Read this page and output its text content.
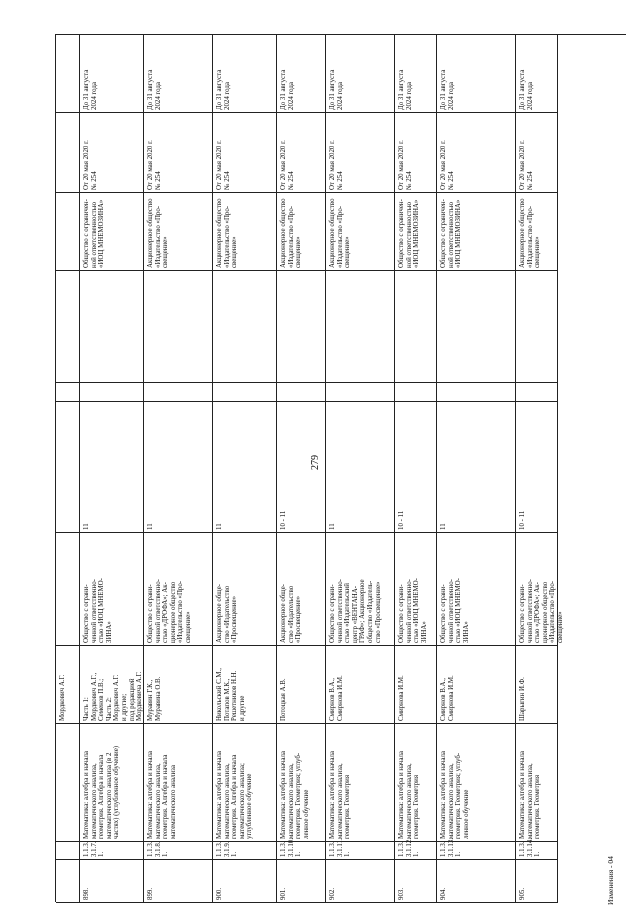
279
Мордкович А.Г.
898.
1.1.3.
3.1.7.
1.
Математика: алгебра и начала
математического анализа,
геометрия. Алгебра и начала
математического анализа (в 2
частях) (углубленное обучение)
Часть 1:
Мордкович А.Г.,
Семенов П.В.;
Часть 2:
Мордкович А.Г.
и другие;
под редакцией
Мордковича А.Г.
Общество с ограни-
ченной ответственно-
стью «ИОЦ МНЕМО-
ЗИНА»
11
Общество с ограничен-
ной ответственностью
«ИОЦ МНЕМОЗИНА»
От 20 мая 2020 г.
№ 254
До 31 августа
2024 года
899.
1.1.3.
3.1.8.
1.
Математика: алгебра и начала
математического анализа,
геометрия. Алгебра и начала
математического анализа
Муравин Г.К.,
Муравина О.В.
Общество с ограни-
ченной ответственно-
стью «ДРОФА»; Ак-
ционерное общество
«Издательство «Про-
свещение»
11
Акционерное общество
«Издательство «Про-
свещение»
От 20 мая 2020 г.
№ 254
До 31 августа
2024 года
900.
1.1.3.
3.1.9.
1.
Математика: алгебра и начала
математического анализа,
геометрия. Алгебра и начала
математического анализа;
углубленное обучение
Никольский С.М.,
Потапов М.К.,
Решетников Н.Н.
и другие
Акционерное обще-
ство «Издательство
«Просвещение»
11
Акционерное общество
«Издательство «Про-
свещение»
От 20 мая 2020 г.
№ 254
До 31 августа
2024 года
901.
1.1.3.
3.1.10.
1.
Математика: алгебра и начала
математического анализа,
геометрия. Геометрия; углуб-
ленное обучение
Потоцкая А.В.
Акционерное обще-
ство «Издательство
«Просвещение»
10 - 11
Акционерное общество
«Издательство «Про-
свещение»
От 20 мая 2020 г.
№ 254
До 31 августа
2024 года
902.
1.1.3.
3.1.11.
1.
Математика: алгебра и начала
математического анализа,
геометрия. Геометрия
Смирнов В.А.,
Смирнова И.М.
Общество с ограни-
ченной ответственно-
стью «Издательский
центр «ВЕНТАНА-
ГРАФ»; Акционерное
общество «Издатель-
ство «Просвещение»
11
Акционерное общество
«Издательство «Про-
свещение»
От 20 мая 2020 г.
№ 254
До 31 августа
2024 года
903.
1.1.3.
3.1.12.
1.
Математика: алгебра и начала
математического анализа,
геометрия. Геометрия
Смирнова И.М.
Общество с ограни-
ченной ответственно-
стью «ИОЦ МНЕМО-
ЗИНА»
10 - 11
Общество с ограничен-
ной ответственностью
«ИОЦ МНЕМОЗИНА»
От 20 мая 2020 г.
№ 254
До 31 августа
2024 года
904.
1.1.3.
3.1.13.
1.
Математика: алгебра и начала
математического анализа,
геометрия. Геометрия; углуб-
ленное обучение
Смирнов В.А.,
Смирнова И.М.
Общество с ограни-
ченной ответственно-
стью «ИОЦ МНЕМО-
ЗИНА»
11
Общество с ограничен-
ной ответственностью
«ИОЦ МНЕМОЗИНА»
От 20 мая 2020 г.
№ 254
До 31 августа
2024 года
905.
1.1.3.
3.1.14.
1.
Математика: алгебра и начала
математического анализа,
геометрия. Геометрия
Шарыгин И.Ф.
Общество с ограни-
ченной ответственно-
стью «ДРОФА»; Ак-
ционерное общество
«Издательство «Про-
свещение»
10 - 11
Акционерное общество
«Издательство «Про-
свещение»
От 20 мая 2020 г.
№ 254
До 31 августа
2024 года
Изменения - 04
